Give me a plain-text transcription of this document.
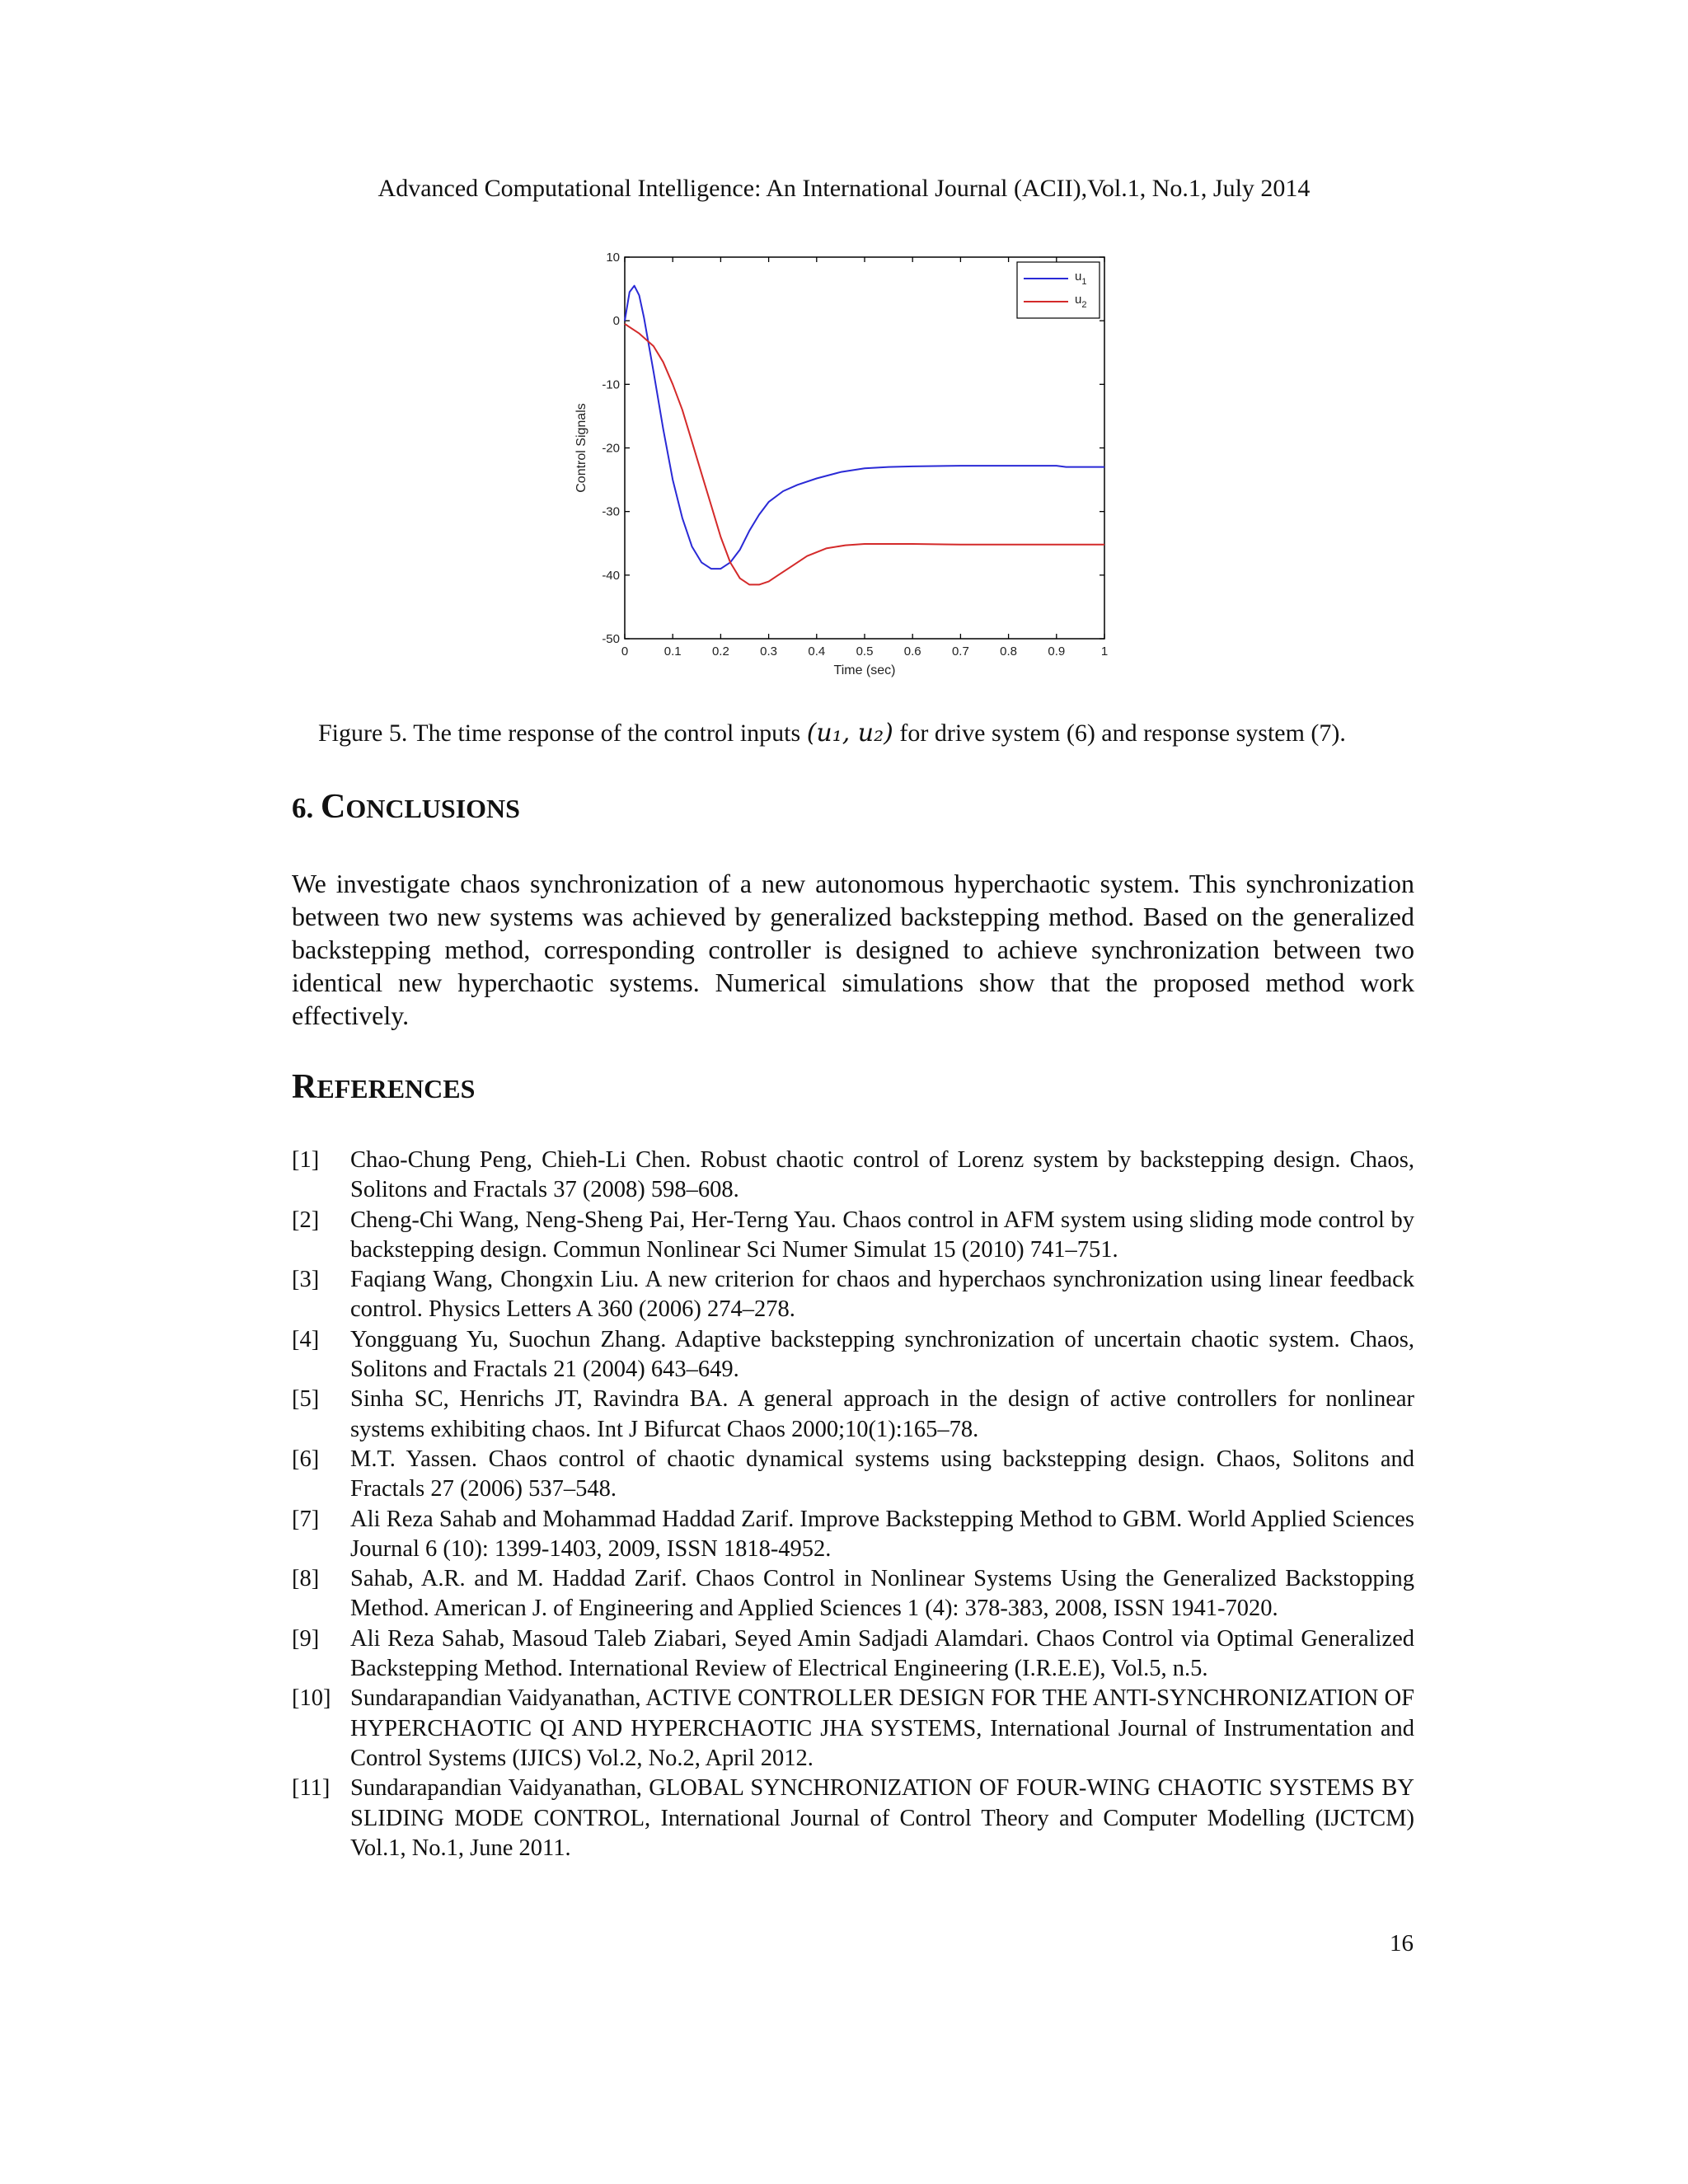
Advanced Computational Intelligence: An International Journal (ACII),Vol.1, No.1, July 2014
0	0.1 0.2 0.3 0.4 0.5 0.6 0.7 0.8 0.9	1
10
0
-10
-20
-30
-40
-50
Time (sec)
Control Signals
$u_1$
$u_2$
Figure 5. The time response of the control inputs (u₁, u₂) for drive system (6) and response system (7).
6. CONCLUSIONS
We investigate chaos synchronization of a new autonomous hyperchaotic system. This synchronization between two new systems was achieved by generalized backstepping method. Based on the generalized backstepping method, corresponding controller is designed to achieve synchronization between two identical new hyperchaotic systems. Numerical simulations show that the proposed method work effectively.
REFERENCES
[1] Chao-Chung Peng, Chieh-Li Chen. Robust chaotic control of Lorenz system by backstepping design. Chaos, Solitons and Fractals 37 (2008) 598–608.
[2] Cheng-Chi Wang, Neng-Sheng Pai, Her-Terng Yau. Chaos control in AFM system using sliding mode control by backstepping design. Commun Nonlinear Sci Numer Simulat 15 (2010) 741–751.
[3] Faqiang Wang, Chongxin Liu. A new criterion for chaos and hyperchaos synchronization using linear feedback control. Physics Letters A 360 (2006) 274–278.
[4] Yongguang Yu, Suochun Zhang. Adaptive backstepping synchronization of uncertain chaotic system. Chaos, Solitons and Fractals 21 (2004) 643–649.
[5] Sinha SC, Henrichs JT, Ravindra BA. A general approach in the design of active controllers for nonlinear systems exhibiting chaos. Int J Bifurcat Chaos 2000;10(1):165–78.
[6] M.T. Yassen. Chaos control of chaotic dynamical systems using backstepping design. Chaos, Solitons and Fractals 27 (2006) 537–548.
[7] Ali Reza Sahab and Mohammad Haddad Zarif. Improve Backstepping Method to GBM. World Applied Sciences Journal 6 (10): 1399-1403, 2009, ISSN 1818-4952.
[8] Sahab, A.R. and M. Haddad Zarif. Chaos Control in Nonlinear Systems Using the Generalized Backstopping Method. American J. of Engineering and Applied Sciences 1 (4): 378-383, 2008, ISSN 1941-7020.
[9] Ali Reza Sahab, Masoud Taleb Ziabari, Seyed Amin Sadjadi Alamdari. Chaos Control via Optimal Generalized Backstepping Method. International Review of Electrical Engineering (I.R.E.E), Vol.5, n.5.
[10] Sundarapandian Vaidyanathan, ACTIVE CONTROLLER DESIGN FOR THE ANTI-SYNCHRONIZATION OF HYPERCHAOTIC QI AND HYPERCHAOTIC JHA SYSTEMS, International Journal of Instrumentation and Control Systems (IJICS) Vol.2, No.2, April 2012.
[11] Sundarapandian Vaidyanathan, GLOBAL SYNCHRONIZATION OF FOUR-WING CHAOTIC SYSTEMS BY SLIDING MODE CONTROL, International Journal of Control Theory and Computer Modelling (IJCTCM) Vol.1, No.1, June 2011.
16
